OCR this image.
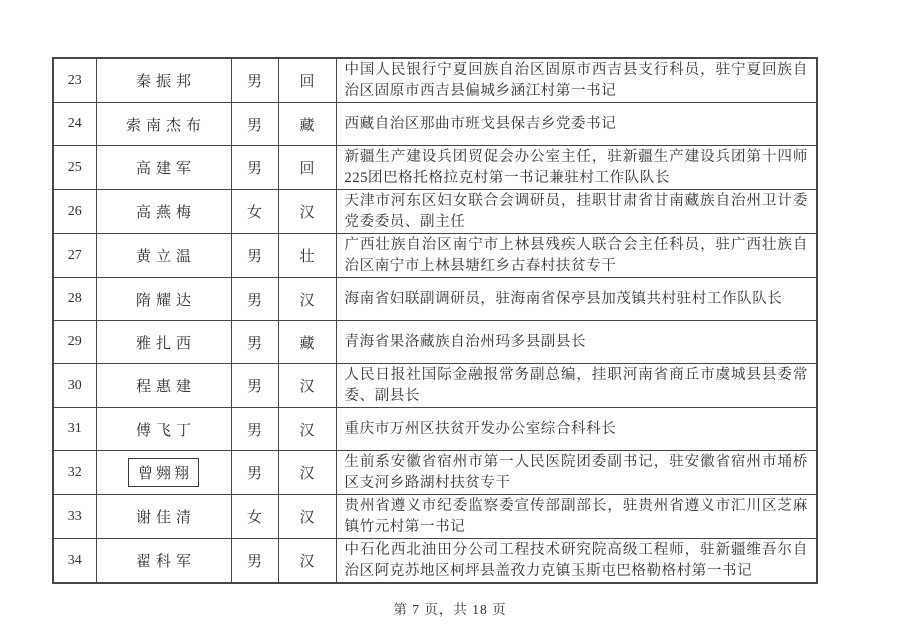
23	秦振邦	男	回	中国人民银行宁夏回族自治区固原市西吉县支行科员，驻宁夏回族自治区固原市西吉县偏城乡涵江村第一书记
24	索南杰布	男	藏	西藏自治区那曲市班戈县保吉乡党委书记
25	高建军	男	回	新疆生产建设兵团贸促会办公室主任，驻新疆生产建设兵团第十四师225团巴格托格拉克村第一书记兼驻村工作队队长
26	高燕梅	女	汉	天津市河东区妇女联合会调研员，挂职甘肃省甘南藏族自治州卫计委党委委员、副主任
27	黄立温	男	壮	广西壮族自治区南宁市上林县残疾人联合会主任科员，驻广西壮族自治区南宁市上林县塘红乡古春村扶贫专干
28	隋耀达	男	汉	海南省妇联副调研员，驻海南省保亭县加茂镇共村驻村工作队队长
29	雅扎西	男	藏	青海省果洛藏族自治州玛多县副县长
30	程惠建	男	汉	人民日报社国际金融报常务副总编，挂职河南省商丘市虞城县县委常委、副县长
31	傅飞丁	男	汉	重庆市万州区扶贫开发办公室综合科科长
32	曾翙翔	男	汉	生前系安徽省宿州市第一人民医院团委副书记，驻安徽省宿州市埇桥区支河乡路湖村扶贫专干
33	谢佳清	女	汉	贵州省遵义市纪委监察委宣传部副部长，驻贵州省遵义市汇川区芝麻镇竹元村第一书记
34	翟科军	男	汉	中石化西北油田分公司工程技术研究院高级工程师，驻新疆维吾尔自治区阿克苏地区柯坪县盖孜力克镇玉斯屯巴格勒格村第一书记
第 7 页，共 18 页
